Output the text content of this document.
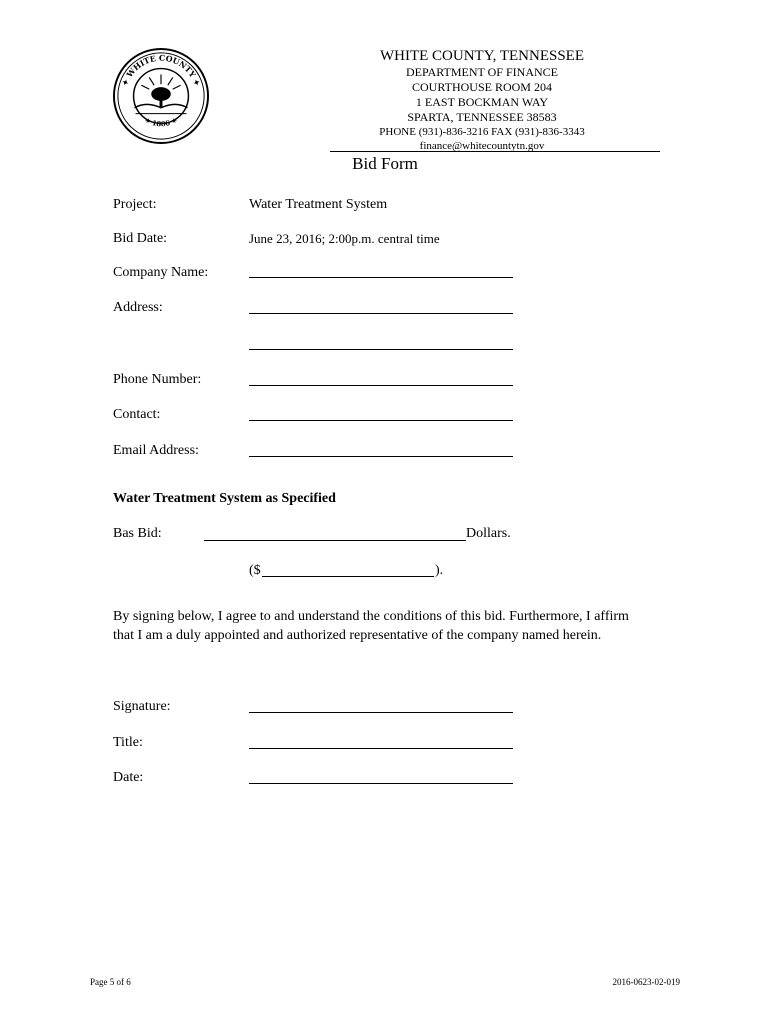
✦ WHITE COUNTY ✦
✶ 1806 ✶
WHITE COUNTY, TENNESSEE
DEPARTMENT OF FINANCE
COURTHOUSE ROOM 204
1 EAST BOCKMAN WAY
SPARTA, TENNESSEE 38583
PHONE (931)-836-3216 FAX (931)-836-3343
finance@whitecountytn.gov
Bid Form
Project:	Water Treatment System
Bid Date:	June 23, 2016; 2:00p.m. central time
Company Name:
Address:
Phone Number:
Contact:
Email Address:
Water Treatment System as Specified
Bas Bid:	Dollars.
($	).
By signing below, I agree to and understand the conditions of this bid. Furthermore, I affirm that I am a duly appointed and authorized representative of the company named herein.
Signature:
Title:
Date:
Page 5 of 6	2016-0623-02-019
